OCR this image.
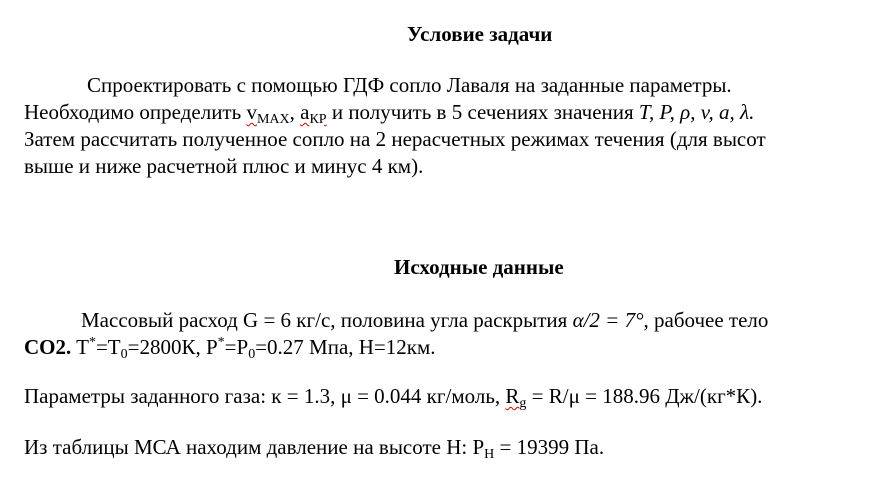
Условие задачи
Спроектировать с помощью ГДФ сопло Лаваля на заданные параметры.
Необходимо определить $v_{MAX}$, $a_{КР}$ и получить в 5 сечениях значения T, P, ρ, v, a, λ.
Затем рассчитать полученное сопло на 2 нерасчетных режимах течения (для высот
выше и ниже расчетной плюс и минус 4 км).
Исходные данные
Массовый расход G = 6 кг/с, половина угла раскрытия α/2 = 7°, рабочее тело
CO2. $T^*=T_0=2800К$, $P^*=P_0=0.27$ Мпа, H=12км.
Параметры заданного газа: к = 1.3, μ = 0.044 кг/моль, $R_g = R/\mu = 188.96$ Дж/(кг*К).
Из таблицы МСА находим давление на высоте H: $P_H = 19399$ Па.
